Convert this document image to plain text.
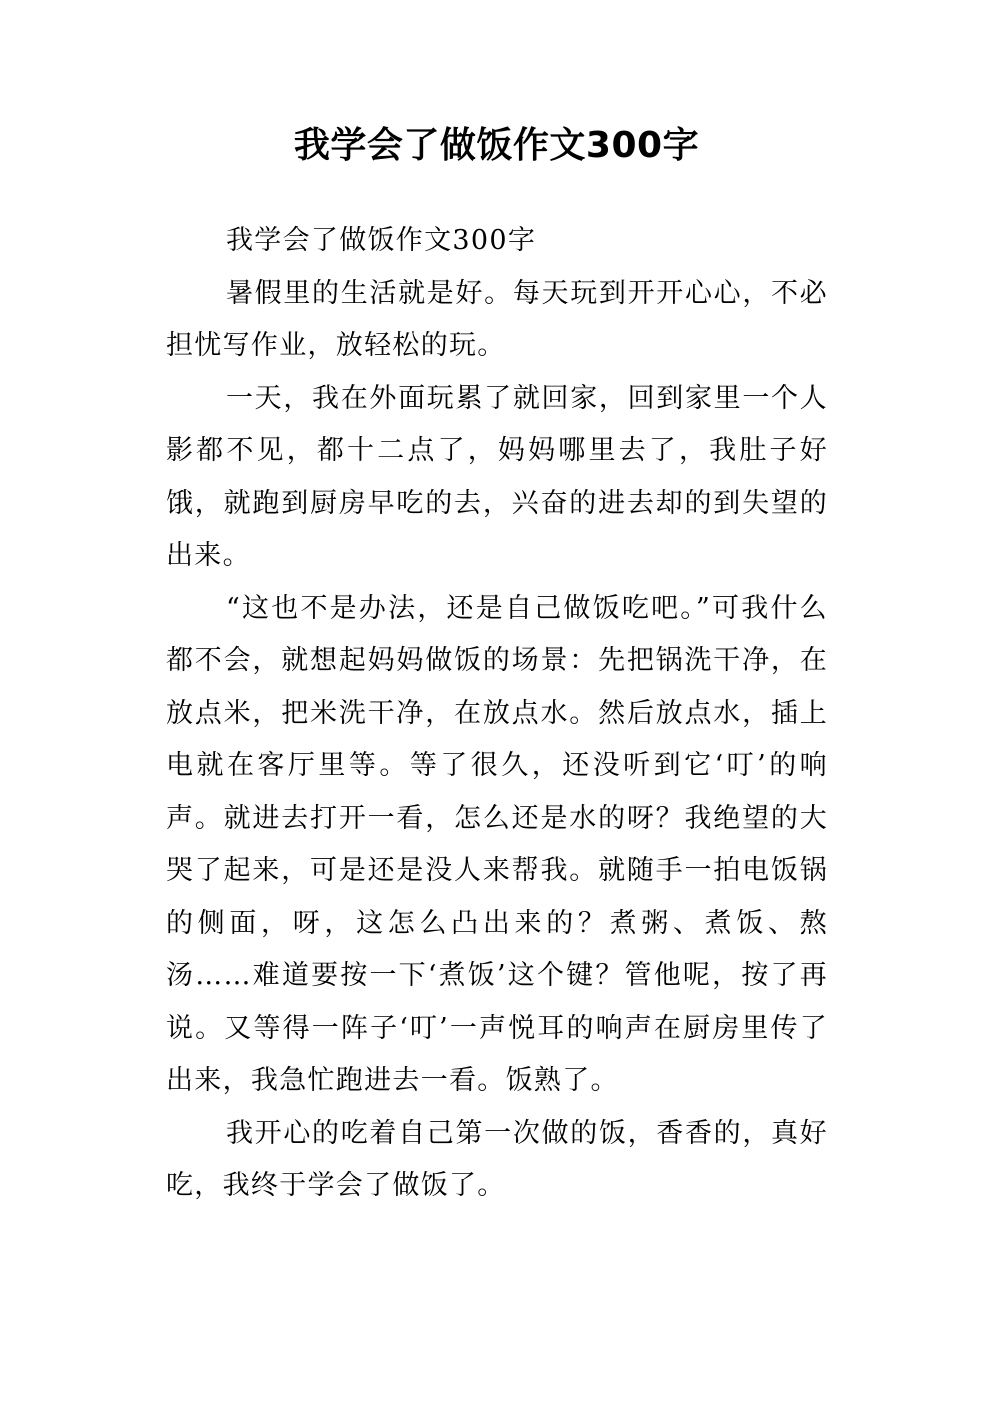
我学会了做饭作文300字

我学会了做饭作文300字

暑假里的生活就是好。每天玩到开开心心，不必担忧写作业，放轻松的玩。

一天，我在外面玩累了就回家，回到家里一个人影都不见，都十二点了，妈妈哪里去了，我肚子好饿，就跑到厨房早吃的去，兴奋的进去却的到失望的出来。

“这也不是办法，还是自己做饭吃吧。”可我什么都不会，就想起妈妈做饭的场景：先把锅洗干净，在放点米，把米洗干净，在放点水。然后放点水，插上电就在客厅里等。等了很久，还没听到它‘叮’的响声。就进去打开一看，怎么还是水的呀？我绝望的大哭了起来，可是还是没人来帮我。就随手一拍电饭锅的侧面，呀，这怎么凸出来的？煮粥、煮饭、熬汤……难道要按一下‘煮饭’这个键？管他呢，按了再说。又等得一阵子‘叮’一声悦耳的响声在厨房里传了出来，我急忙跑进去一看。饭熟了。

我开心的吃着自己第一次做的饭，香香的，真好吃，我终于学会了做饭了。
